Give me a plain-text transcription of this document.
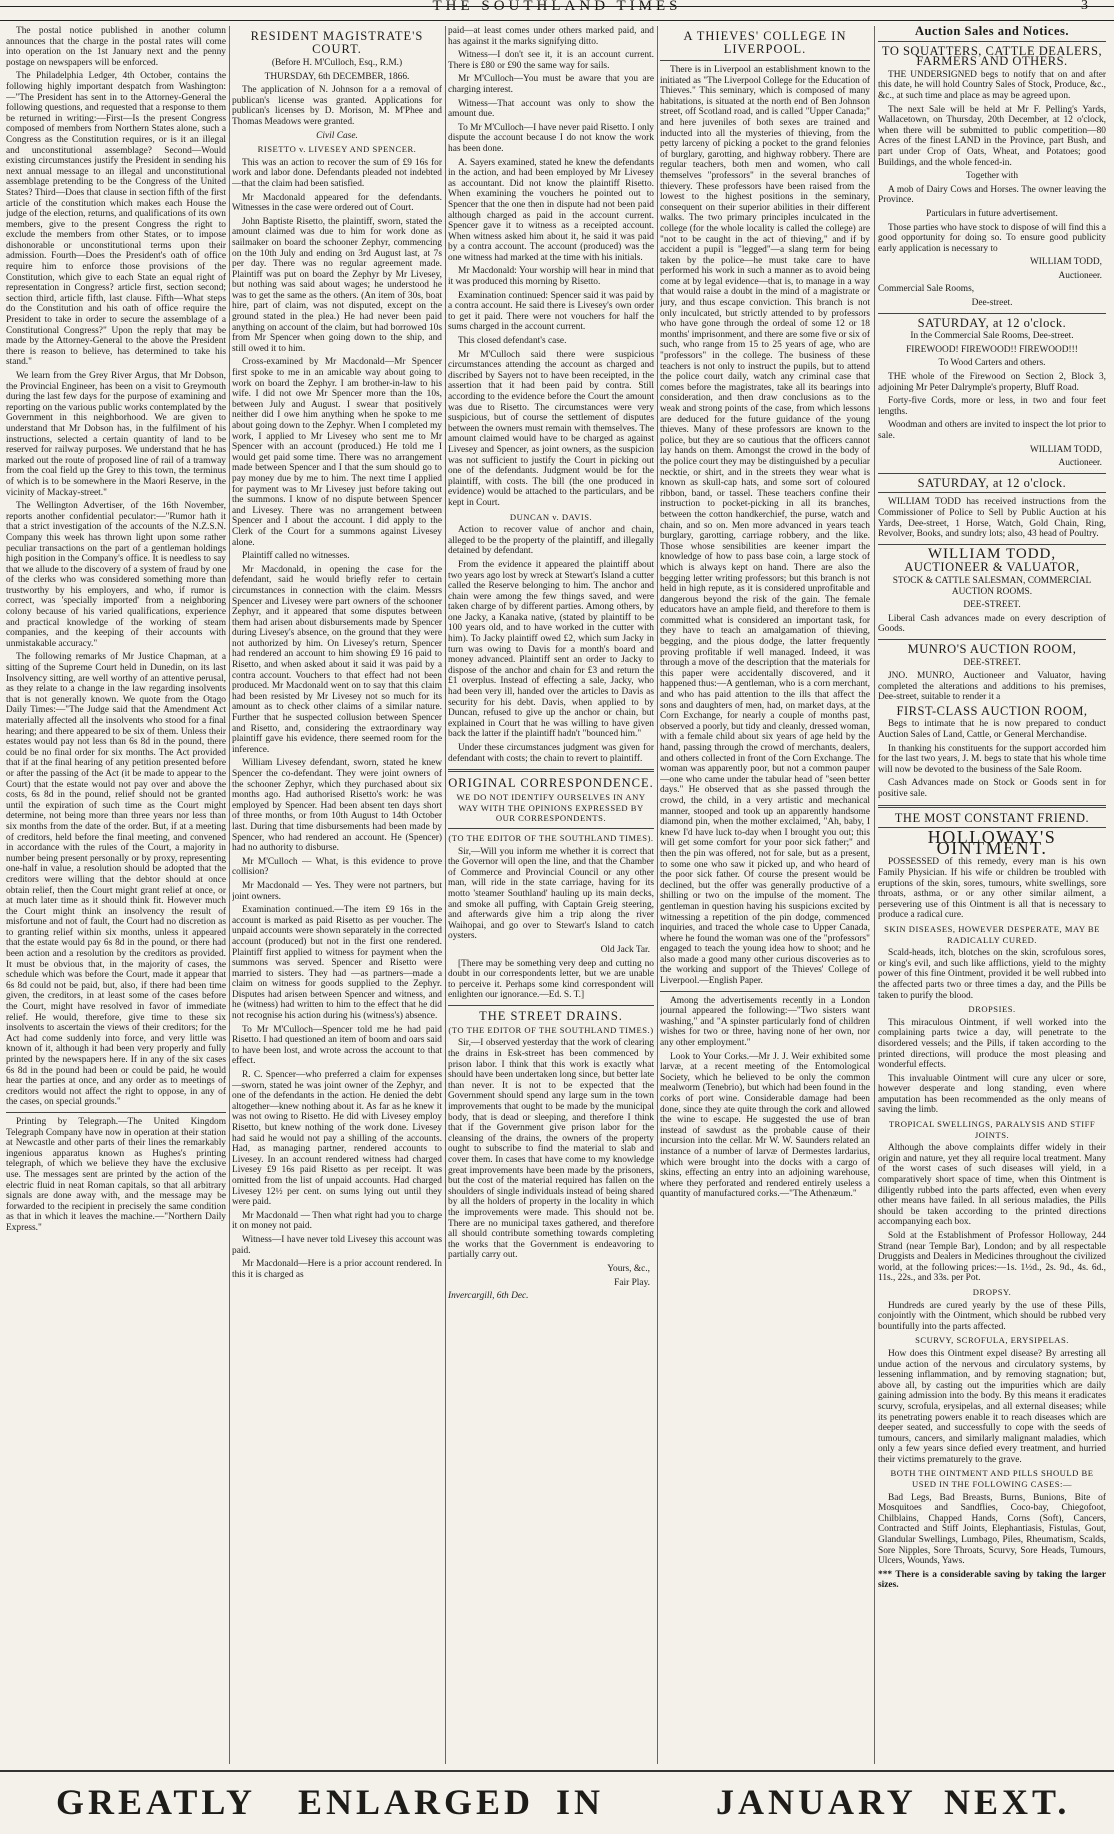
THE SOUTHLAND TIMES	3

The postal notice published in another column announces that the charge in the postal rates will come into operation on the 1st January next and the penny postage on newspapers will be enforced.

The Philadelphia Ledger, 4th October, contains the following highly important despatch from Washington:—"The President has sent in to the Attorney-General the following questions, and requested that a response to them be returned in writing:—First—Is the present Congress composed of members from Northern States alone, such a Congress as the Constitution requires, or is it an illegal and unconstitutional assemblage? Second—Would existing circumstances justify the President in sending his next annual message to an illegal and unconstitutional assemblage pretending to be the Congress of the United States? Third—Does that clause in section fifth of the first article of the constitution which makes each House the judge of the election, returns, and qualifications of its own members, give to the present Congress the right to exclude the members from other States, or to impose dishonorable or unconstitutional terms upon their admission. Fourth—Does the President's oath of office require him to enforce those provisions of the Constitution, which give to each State an equal right of representation in Congress? article first, section second; section third, article fifth, last clause. Fifth—What steps do the Constitution and his oath of office require the President to take in order to secure the assemblage of a Constitutional Congress?" Upon the reply that may be made by the Attorney-General to the above the President there is reason to believe, has determined to take his stand."

We learn from the Grey River Argus, that Mr Dobson, the Provincial Engineer, has been on a visit to Greymouth during the last few days for the purpose of examining and reporting on the various public works contemplated by the Government in this neighborhood. We are given to understand that Mr Dobson has, in the fulfilment of his instructions, selected a certain quantity of land to be reserved for railway purposes. We understand that he has marked out the route of proposed line of rail of a tramway from the coal field up the Grey to this town, the terminus of which is to be somewhere in the Maori Reserve, in the vicinity of Mackay-street."

The Wellington Advertiser, of the 16th November, reports another confidential peculator:—"Rumor hath it that a strict investigation of the accounts of the N.Z.S.N. Company this week has thrown light upon some rather peculiar transactions on the part of a gentleman holdings high position in the Company's office. It is needless to say that we allude to the discovery of a system of fraud by one of the clerks who was considered something more than trustworthy by his employers, and who, if rumor is correct, was 'specially imported' from a neighboring colony because of his varied qualifications, experience and practical knowledge of the working of steam companies, and the keeping of their accounts with unmistakable accuracy."

The following remarks of Mr Justice Chapman, at a sitting of the Supreme Court held in Dunedin, on its last Insolvency sitting, are well worthy of an attentive perusal, as they relate to a change in the law regarding insolvents that is not generally known. We quote from the Otago Daily Times:—"The Judge said that the Amendment Act materially affected all the insolvents who stood for a final hearing; and there appeared to be six of them. Unless their estates would pay not less than 6s 8d in the pound, there could be no final order for six months. The Act provided that if at the final hearing of any petition presented before or after the passing of the Act (it be made to appear to the Court) that the estate would not pay over and above the costs, 6s 8d in the pound, relief should not be granted until the expiration of such time as the Court might determine, not being more than three years nor less than six months from the date of the order. But, if at a meeting of creditors, held before the final meeting, and convened in accordance with the rules of the Court, a majority in number being present personally or by proxy, representing one-half in value, a resolution should be adopted that the creditors were willing that the debtor should at once obtain relief, then the Court might grant relief at once, or at much later time as it should think fit. However much the Court might think an insolvency the result of misfortune and not of fault, the Court had no discretion as to granting relief within six months, unless it appeared that the estate would pay 6s 8d in the pound, or there had been action and a resolution by the creditors as provided. It must be obvious that, in the majority of cases, the schedule which was before the Court, made it appear that 6s 8d could not be paid, but, also, if there had been time given, the creditors, in at least some of the cases before the Court, might have resolved in favor of immediate relief. He would, therefore, give time to these six insolvents to ascertain the views of their creditors; for the Act had come suddenly into force, and very little was known of it, although it had been very properly and fully printed by the newspapers here. If in any of the six cases 6s 8d in the pound had been or could be paid, he would hear the parties at once, and any order as to meetings of creditors would not affect the right to oppose, in any of the cases, on special grounds."

Printing by Telegraph.—The United Kingdom Telegraph Company have now in operation at their station at Newcastle and other parts of their lines the remarkably ingenious apparatus known as Hughes's printing telegraph, of which we believe they have the exclusive use. The messages sent are printed by the action of the electric fluid in neat Roman capitals, so that all arbitrary signals are done away with, and the message may be forwarded to the recipient in precisely the same condition as that in which it leaves the machine.—"Northern Daily Express."

RESIDENT MAGISTRATE'S COURT.

(Before H. M'Culloch, Esq., R.M.)

THURSDAY, 6th DECEMBER, 1866.

The application of N. Johnson for a a removal of publican's license was granted. Applications for publican's licenses by D. Morison, M. M'Phee and Thomas Meadows were granted.

Civil Case.

RISETTO v. LIVESEY AND SPENCER.

This was an action to recover the sum of £9 16s for work and labor done. Defendants pleaded not indebted—that the claim had been satisfied.

Mr Macdonald appeared for the defendants. Witnesses in the case were ordered out of Court.

John Baptiste Risetto, the plaintiff, sworn, stated the amount claimed was due to him for work done as sailmaker on board the schooner Zephyr, commencing on the 10th July and ending on 3rd August last, at 7s per day. There was no regular agreement made. Plaintiff was put on board the Zephyr by Mr Livesey, but nothing was said about wages; he understood he was to get the same as the others. (An item of 30s, boat hire, part of claim, was not disputed, except on the ground stated in the plea.) He had never been paid anything on account of the claim, but had borrowed 10s from Mr Spencer when going down to the ship, and still owed it to him.

Cross-examined by Mr Macdonald—Mr Spencer first spoke to me in an amicable way about going to work on board the Zephyr. I am brother-in-law to his wife. I did not owe Mr Spencer more than the 10s, between July and August. I swear that positively neither did I owe him anything when he spoke to me about going down to the Zephyr. When I completed my work, I applied to Mr Livesey who sent me to Mr Spencer with an account (produced.) He told me I would get paid some time. There was no arrangement made between Spencer and I that the sum should go to pay money due by me to him. The next time I applied for payment was to Mr Livesey just before taking out the summons. I know of no dispute between Spencer and Livesey. There was no arrangement between Spencer and I about the account. I did apply to the Clerk of the Court for a summons against Livesey alone.

Plaintiff called no witnesses.

Mr Macdonald, in opening the case for the defendant, said he would briefly refer to certain circumstances in connection with the claim. Messrs Spencer and Livesey were part owners of the schooner Zephyr, and it appeared that some disputes between them had arisen about disbursements made by Spencer during Livesey's absence, on the ground that they were not authorized by him. On Livesey's return, Spencer had rendered an account to him showing £9 16 paid to Risetto, and when asked about it said it was paid by a contra account. Vouchers to that effect had not been produced. Mr Macdonald went on to say that this claim had been resisted by Mr Livesey not so much for its amount as to check other claims of a similar nature. Further that he suspected collusion between Spencer and Risetto, and, considering the extraordinary way plaintiff gave his evidence, there seemed room for the inference.

William Livesey defendant, sworn, stated he knew Spencer the co-defendant. They were joint owners of the schooner Zephyr, which they purchased about six months ago. Had authorised Risetto's work: he was employed by Spencer. Had been absent ten days short of three months, or from 10th August to 14th October last. During that time disbursements had been made by Spencer, who had rendered an account. He (Spencer) had no authority to disburse.

Mr M'Culloch — What, is this evidence to prove collision?

Mr Macdonald — Yes. They were not partners, but joint owners.

Examination continued.—The item £9 16s in the account is marked as paid Risetto as per voucher. The unpaid accounts were shown separately in the corrected account (produced) but not in the first one rendered. Plaintiff first applied to witness for payment when the summons was served. Spencer and Risetto were married to sisters. They had —as partners—made a claim on witness for goods supplied to the Zephyr. Disputes had arisen between Spencer and witness, and he (witness) had written to him to the effect that he did not recognise his action during his (witness's) absence.

To Mr M'Culloch—Spencer told me he had paid Risetto. I had questioned an item of boom and oars said to have been lost, and wrote across the account to that effect.

R. C. Spencer—who preferred a claim for expenses—sworn, stated he was joint owner of the Zephyr, and one of the defendants in the action. He denied the debt altogether—knew nothing about it. As far as he knew it was not owing to Risetto. He did with Livesey employ Risetto, but knew nothing of the work done. Livesey had said he would not pay a shilling of the accounts. Had, as managing partner, rendered accounts to Livesey. In an account rendered witness had charged Livesey £9 16s paid Risetto as per receipt. It was omitted from the list of unpaid accounts. Had charged Livesey 12½ per cent. on sums lying out until they were paid.

Mr Macdonald — Then what right had you to charge it on money not paid.

Witness—I have never told Livesey this account was paid.

Mr Macdonald—Here is a prior account rendered. In this it is charged as

paid—at least comes under others marked paid, and has against it the marks signifying ditto.

Witness—I don't see it, it is an account current. There is £80 or £90 the same way for sails.

Mr M'Culloch—You must be aware that you are charging interest.

Witness—That account was only to show the amount due.

To Mr M'Culloch—I have never paid Risetto. I only dispute the account because I do not know the work has been done.

A. Sayers examined, stated he knew the defendants in the action, and had been employed by Mr Livesey as accountant. Did not know the plaintiff Risetto. When examining the vouchers he pointed out to Spencer that the one then in dispute had not been paid although charged as paid in the account current. Spencer gave it to witness as a receipted account. When witness asked him about it, he said it was paid by a contra account. The account (produced) was the one witness had marked at the time with his initials.

Mr Macdonald: Your worship will hear in mind that it was produced this morning by Risetto.

Examination continued: Spencer said it was paid by a contra account. He said there is Livesey's own order to get it paid. There were not vouchers for half the sums charged in the account current.

This closed defendant's case.

Mr M'Culloch said there were suspicious circumstances attending the account as charged and discribed by Sayers not to have been receipted, in the assertion that it had been paid by contra. Still according to the evidence before the Court the amount was due to Risetto. The circumstances were very suspicious, but of course the settlement of disputes between the owners must remain with themselves. The amount claimed would have to be charged as against Livesey and Spencer, as joint owners, as the suspicion was not sufficient to justify the Court in picking out one of the defendants. Judgment would be for the plaintiff, with costs. The bill (the one produced in evidence) would be attached to the particulars, and be kept in Court.

DUNCAN v. DAVIS.

Action to recover value of anchor and chain, alleged to be the property of the plaintiff, and illegally detained by defendant.

From the evidence it appeared the plaintiff about two years ago lost by wreck at Stewart's Island a cutter called the Reserve belonging to him. The anchor and chain were among the few things saved, and were taken charge of by different parties. Among others, by one Jacky, a Kanaka native, (stated by plaintiff to be 100 years old, and to have worked in the cutter with him). To Jacky plaintiff owed £2, which sum Jacky in turn was owing to Davis for a month's board and money advanced. Plaintiff sent an order to Jacky to dispose of the anchor and chain for £3 and return the £1 overplus. Instead of effecting a sale, Jacky, who had been very ill, handed over the articles to Davis as security for his debt. Davis, when applied to by Duncan, refused to give up the anchor or chain, but explained in Court that he was willing to have given back the latter if the plaintiff hadn't "bounced him."

Under these circumstances judgment was given for defendant with costs; the chain to revert to plaintiff.

ORIGINAL CORRESPONDENCE.

WE DO NOT IDENTIFY OURSELVES IN ANY WAY WITH THE OPINIONS EXPRESSED BY OUR CORRESPONDENTS.

(TO THE EDITOR OF THE SOUTHLAND TIMES).

Sir,—Will you inform me whether it is correct that the Governor will open the line, and that the Chamber of Commerce and Provincial Council or any other man, will ride in the state carriage, having for its motto 'steamer Southland' hauling up its main decks, and smoke all puffing, with Captain Greig steering, and afterwards give him a trip along the river Waihopai, and go over to Stewart's Island to catch oysters.

Old Jack Tar.

[There may be something very deep and cutting no doubt in our correspondents letter, but we are unable to perceive it. Perhaps some kind correspondent will enlighten our ignorance.—Ed. S. T.]

THE STREET DRAINS.

(TO THE EDITOR OF THE SOUTHLAND TIMES.)

Sir,—I observed yesterday that the work of clearing the drains in Esk-street has been commenced by prison labor. I think that this work is exactly what should have been undertaken long since, but better late than never. It is not to be expected that the Government should spend any large sum in the town improvements that ought to be made by the municipal body, that is dead or sleeping, and therefore I think that if the Government give prison labor for the cleansing of the drains, the owners of the property ought to subscribe to find the material to slab and cover them. In cases that have come to my knowledge great improvements have been made by the prisoners, but the cost of the material required has fallen on the shoulders of single individuals instead of being shared by all the holders of property in the locality in which the improvements were made. This should not be. There are no municipal taxes gathered, and therefore all should contribute something towards completing the works that the Government is endeavoring to partially carry out.

Yours, &c.,

Fair Play.

Invercargill, 6th Dec.

A THIEVES' COLLEGE IN LIVERPOOL.

There is in Liverpool an establishment known to the initiated as "The Liverpool College for the Education of Thieves." This seminary, which is composed of many habitations, is situated at the north end of Ben Johnson street, off Scotland road, and is called "Upper Canada;" and here juveniles of both sexes are trained and inducted into all the mysteries of thieving, from the petty larceny of picking a pocket to the grand felonies of burglary, garotting, and highway robbery. There are regular teachers, both men and women, who call themselves "professors" in the several branches of thievery. These professors have been raised from the lowest to the highest positions in the seminary, consequent on their superior abilities in their different walks. The two primary principles inculcated in the college (for the whole locality is called the college) are "not to be caught in the act of thieving," and if by accident a pupil is "legged"—a slang term for being taken by the police—he must take care to have performed his work in such a manner as to avoid being come at by legal evidence—that is, to manage in a way that would raise a doubt in the mind of a magistrate or jury, and thus escape conviction. This branch is not only inculcated, but strictly attended to by professors who have gone through the ordeal of some 12 or 18 months' imprisonment, and there are some five or six of such, who range from 15 to 25 years of age, who are "professors" in the college. The business of these teachers is not only to instruct the pupils, but to attend the police court daily, watch any criminal case that comes before the magistrates, take all its bearings into consideration, and then draw conclusions as to the weak and strong points of the case, from which lessons are deduced for the future guidance of the young thieves. Many of these professors are known to the police, but they are so cautious that the officers cannot lay hands on them. Amongst the crowd in the body of the police court they may be distinguished by a peculiar necktie, or shirt, and in the streets they wear what is known as skull-cap hats, and some sort of coloured ribbon, band, or tassel. These teachers confine their instruction to pocket-picking in all its branches, between the cotton handkerchief, the purse, watch and chain, and so on. Men more advanced in years teach burglary, garotting, carriage robbery, and the like. Those whose sensibilities are keener impart the knowledge of how to pass base coin, a large stock of which is always kept on hand. There are also the begging letter writing professors; but this branch is not held in high repute, as it is considered unprofitable and dangerous beyond the risk of the gain. The female educators have an ample field, and therefore to them is committed what is considered an important task, for they have to teach an amalgamation of thieving, begging, and the pious dodge, the latter frequently proving profitable if well managed. Indeed, it was through a move of the description that the materials for this paper were accidentally discovered, and it happened thus:—A gentleman, who is a corn merchant, and who has paid attention to the ills that affect the sons and daughters of men, had, on market days, at the Corn Exchange, for nearly a couple of months past, observed a poorly, but tidy and cleanly, dressed woman, with a female child about six years of age held by the hand, passing through the crowd of merchants, dealers, and others collected in front of the Corn Exchange. The woman was apparently poor, but not a common pauper—one who came under the tabular head of "seen better days." He observed that as she passed through the crowd, the child, in a very artistic and mechanical manner, stooped and took up an apparently handsome diamond pin, when the mother exclaimed, "Ah, baby, I knew I'd have luck to-day when I brought you out; this will get some comfort for your poor sick father;" and then the pin was offered, not for sale, but as a present, to some one who saw it picked up, and who heard of the poor sick father. Of course the present would be declined, but the offer was generally productive of a shilling or two on the impulse of the moment. The gentleman in question having his suspicions excited by witnessing a repetition of the pin dodge, commenced inquiries, and traced the whole case to Upper Canada, where he found the woman was one of the "professors" engaged to teach the young idea how to shoot; and he also made a good many other curious discoveries as to the working and support of the Thieves' College of Liverpool.—English Paper.

Among the advertisements recently in a London journal appeared the following:—"Two sisters want washing," and "A spinster particularly fond of children wishes for two or three, having none of her own, nor any other employment."

Look to Your Corks.—Mr J. J. Weir exhibited some larvæ, at a recent meeting of the Entomological Society, which he believed to be only the common mealworm (Tenebrio), but which had been found in the corks of port wine. Considerable damage had been done, since they ate quite through the cork and allowed the wine to escape. He suggested the use of bran instead of sawdust as the probable cause of their incursion into the cellar. Mr W. W. Saunders related an instance of a number of larvæ of Dermestes lardarius, which were brought into the docks with a cargo of skins, effecting an entry into an adjoining warehouse, where they perforated and rendered entirely useless a quantity of manufactured corks.—"The Athenæum."

Auction Sales and Notices.

TO SQUATTERS, CATTLE DEALERS, FARMERS AND OTHERS.

THE UNDERSIGNED begs to notify that on and after this date, he will hold Country Sales of Stock, Produce, &c., &c., at such time and place as may be agreed upon.

The next Sale will be held at Mr F. Pelling's Yards, Wallacetown, on Thursday, 20th December, at 12 o'clock, when there will be submitted to public competition—80 Acres of the finest LAND in the Province, part Bush, and part under Crop of Oats, Wheat, and Potatoes; good Buildings, and the whole fenced-in.

Together with

A mob of Dairy Cows and Horses. The owner leaving the Province.

Particulars in future advertisement.

Those parties who have stock to dispose of will find this a good opportunity for doing so. To ensure good publicity early application is necessary to

WILLIAM TODD,

Auctioneer.

Commercial Sale Rooms,

Dee-street.

SATURDAY, at 12 o'clock.

In the Commercial Sale Rooms, Dee-street.

FIREWOOD! FIREWOOD!! FIREWOOD!!!

To Wood Carters and others.

THE whole of the Firewood on Section 2, Block 3, adjoining Mr Peter Dalrymple's property, Bluff Road.

Forty-five Cords, more or less, in two and four feet lengths.

Woodman and others are invited to inspect the lot prior to sale.

WILLIAM TODD,

Auctioneer.

SATURDAY, at 12 o'clock.

WILLIAM TODD has received instructions from the Commissioner of Police to Sell by Public Auction at his Yards, Dee-street, 1 Horse, Watch, Gold Chain, Ring, Revolver, Books, and sundry lots; also, 43 head of Poultry.

WILLIAM TODD,

AUCTIONEER & VALUATOR,

STOCK & CATTLE SALESMAN, COMMERCIAL AUCTION ROOMS.

DEE-STREET.

Liberal Cash advances made on every description of Goods.

MUNRO'S AUCTION ROOM,

DEE-STREET.

JNO. MUNRO, Auctioneer and Valuator, having completed the alterations and additions to his premises, Dee-street, suitable to render it a

FIRST-CLASS AUCTION ROOM,

Begs to intimate that he is now prepared to conduct Auction Sales of Land, Cattle, or General Merchandise.

In thanking his constituents for the support accorded him for the last two years, J. M. begs to state that his whole time will now be devoted to the business of the Sale Room.

Cash Advances made on Stock or Goods sent in for positive sale.

THE MOST CONSTANT FRIEND.

HOLLOWAY'S OINTMENT.

POSSESSED of this remedy, every man is his own Family Physician. If his wife or children be troubled with eruptions of the skin, sores, tumours, white swellings, sore throats, asthma, or or any other similar ailment, a persevering use of this Ointment is all that is necessary to produce a radical cure.

SKIN DISEASES, HOWEVER DESPERATE, MAY BE RADICALLY CURED.

Scald-heads, itch, blotches on the skin, scrofulous sores, or king's evil, and such like afflictions, yield to the mighty power of this fine Ointment, provided it be well rubbed into the affected parts two or three times a day, and the Pills be taken to purify the blood.

DROPSIES.

This miraculous Ointment, if well worked into the complaining parts twice a day, will penetrate to the disordered vessels; and the Pills, if taken according to the printed directions, will produce the most pleasing and wonderful effects.

This invaluable Ointment will cure any ulcer or sore, however desperate and long standing, even where amputation has been recommended as the only means of saving the limb.

TROPICAL SWELLINGS, PARALYSIS AND STIFF JOINTS.

Although the above complaints differ widely in their origin and nature, yet they all require local treatment. Many of the worst cases of such diseases will yield, in a comparatively short space of time, when this Ointment is diligently rubbed into the parts affected, even when every other means have failed. In all serious maladies, the Pills should be taken according to the printed directions accompanying each box.

Sold at the Establishment of Professor Holloway, 244 Strand (near Temple Bar), London; and by all respectable Druggists and Dealers in Medicines throughout the civilized world, at the following prices:—1s. 1½d., 2s. 9d., 4s. 6d., 11s., 22s., and 33s. per Pot.

DROPSY.

Hundreds are cured yearly by the use of these Pills, conjointly with the Ointment, which should be rubbed very bountifully into the parts affected.

SCURVY, SCROFULA, ERYSIPELAS.

How does this Ointment expel disease? By arresting all undue action of the nervous and circulatory systems, by lessening inflammation, and by removing stagnation; but, above all, by casting out the impurities which are daily gaining admission into the body. By this means it eradicates scurvy, scrofula, erysipelas, and all external diseases; while its penetrating powers enable it to reach diseases which are deeper seated, and successfully to cope with the seeds of tumours, cancers, and similarly malignant maladies, which only a few years since defied every treatment, and hurried their victims prematurely to the grave.

BOTH THE OINTMENT AND PILLS SHOULD BE USED IN THE FOLLOWING CASES:—

Bad Legs, Bad Breasts, Burns, Bunions, Bite of Mosquitoes and Sandflies, Coco-bay, Chiegofoot, Chilblains, Chapped Hands, Corns (Soft), Cancers, Contracted and Stiff Joints, Elephantiasis, Fistulas, Gout, Glandular Swellings, Lumbago, Piles, Rheumatism, Scalds, Sore Nipples, Sore Throats, Scurvy, Sore Heads, Tumours, Ulcers, Wounds, Yaws.

*** There is a considerable saving by taking the larger sizes.

GREATLY ENLARGED IN	JANUARY NEXT.
